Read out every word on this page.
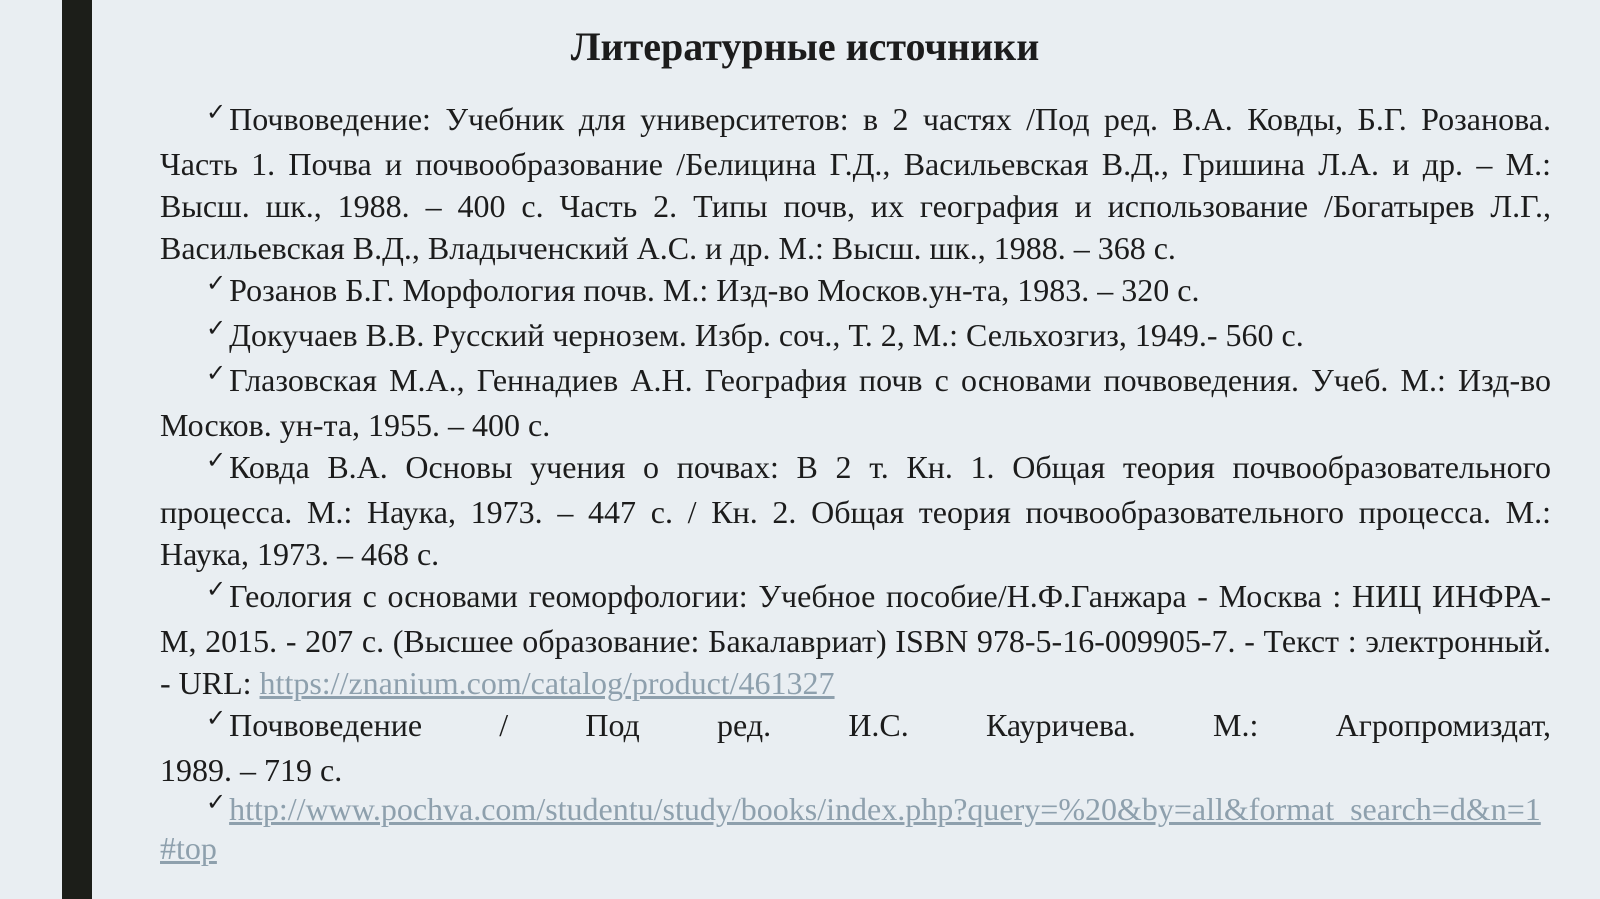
Литературные источники

✓Почвоведение: Учебник для университетов: в 2 частях /Под ред. В.А. Ковды, Б.Г. Розанова. Часть 1. Почва и почвообразование /Белицина Г.Д., Васильевская В.Д., Гришина Л.А. и др. – М.: Высш. шк., 1988. – 400 с. Часть 2. Типы почв, их география и использование /Богатырев Л.Г., Васильевская В.Д., Владыченский А.С. и др. М.: Высш. шк., 1988. – 368 с.

✓Розанов Б.Г. Морфология почв. М.: Изд-во Москов.ун-та, 1983. – 320 с.

✓Докучаев В.В. Русский чернозем. Избр. соч., Т. 2, М.: Сельхозгиз, 1949.- 560 с.

✓Глазовская М.А., Геннадиев А.Н. География почв с основами почвоведения. Учеб. М.: Изд-во Москов. ун-та, 1955. – 400 с.

✓Ковда В.А. Основы учения о почвах: В 2 т. Кн. 1. Общая теория почвообразовательного процесса. М.: Наука, 1973. – 447 с. / Кн. 2. Общая теория почвообразовательного процесса. М.: Наука, 1973. – 468 с.

✓Геология с основами геоморфологии: Учебное пособие/Н.Ф.Ганжара - Москва : НИЦ ИНФРА-М, 2015. - 207 с. (Высшее образование: Бакалавриат) ISBN 978-5-16-009905-7. - Текст : электронный. - URL: https://znanium.com/catalog/product/461327

✓Почвоведение / Под ред. И.С. Кауричева. М.: Агропромиздат,

1989. – 719 с.

✓http://www.pochva.com/studentu/study/books/index.php?query=%20&by=all&format_search=d&n=1#top
